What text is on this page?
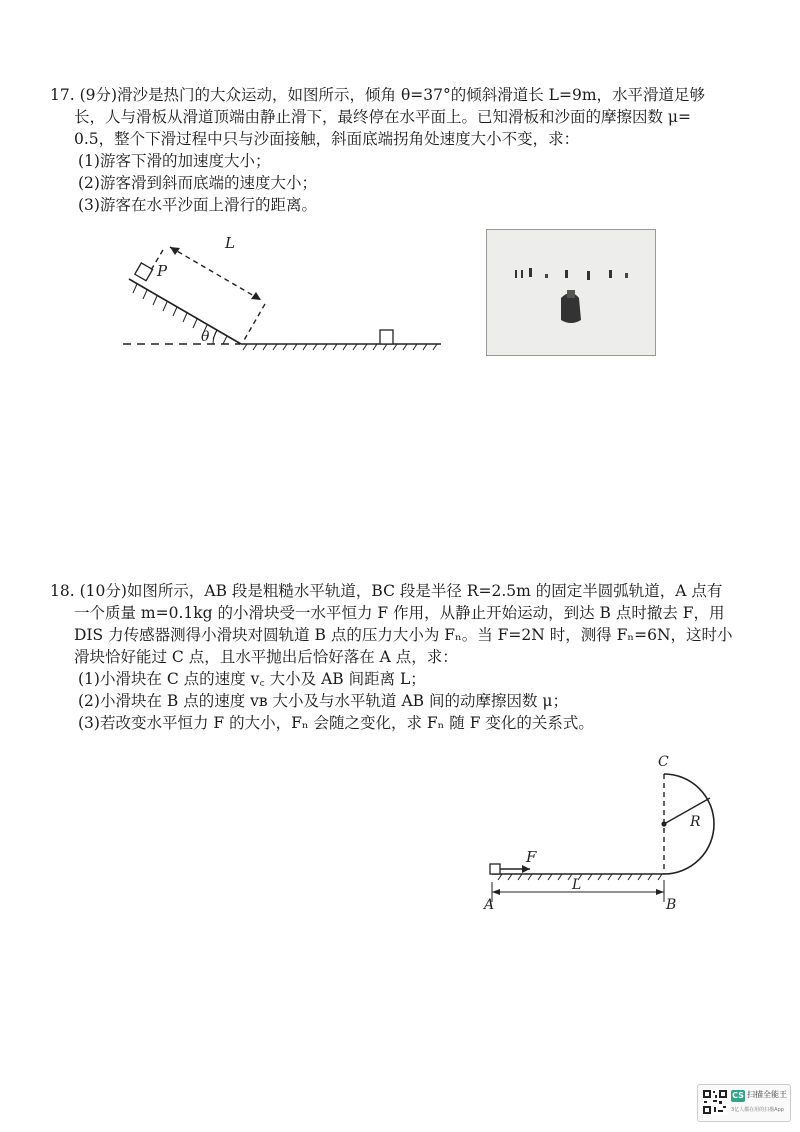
17. (9分)滑沙是热门的大众运动，如图所示，倾角 θ=37°的倾斜滑道长 L=9m，水平滑道足够

长，人与滑板从滑道顶端由静止滑下，最终停在水平面上。已知滑板和沙面的摩擦因数 μ=

0.5，整个下滑过程中只与沙面接触，斜面底端拐角处速度大小不变，求：

(1)游客下滑的加速度大小；

(2)游客滑到斜而底端的速度大小；

(3)游客在水平沙面上滑行的距离。

L
P
θ

18. (10分)如图所示，AB 段是粗糙水平轨道，BC 段是半径 R=2.5m 的固定半圆弧轨道，A 点有

一个质量 m=0.1kg 的小滑块受一水平恒力 F 作用，从静止开始运动，到达 B 点时撤去 F，用

DIS 力传感器测得小滑块对圆轨道 B 点的压力大小为 Fₙ。当 F=2N 时，测得 Fₙ=6N，这时小

滑块恰好能过 C 点，且水平抛出后恰好落在 A 点，求：

(1)小滑块在 C 点的速度 v꜀ 大小及 AB 间距离 L；

(2)小滑块在 B 点的速度 vʙ 大小及与水平轨道 AB 间的动摩擦因数 μ；

(3)若改变水平恒力 F 的大小，Fₙ 会随之变化，求 Fₙ 随 F 变化的关系式。

C
R
F
A
L
B
CS 扫描全能王
3亿人都在用的扫描App
